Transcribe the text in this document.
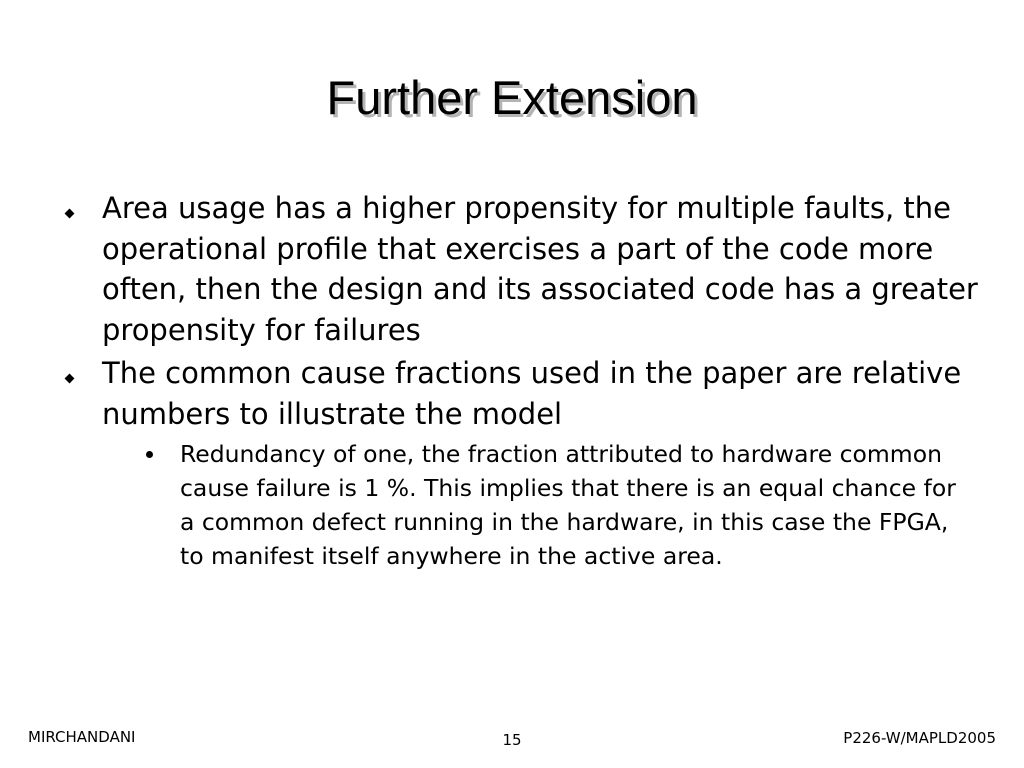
Further Extension
Area usage has a higher propensity for multiple faults, the operational profile that exercises a part of the code more often, then the design and its associated code has a greater propensity for failures
The common cause fractions used in the paper are relative numbers to illustrate the model
Redundancy of one, the fraction attributed to hardware common cause failure is 1 %. This implies that there is an equal chance for a common defect running in the hardware, in this case the FPGA, to manifest itself anywhere in the active area.
MIRCHANDANI	15	P226-W/MAPLD2005
